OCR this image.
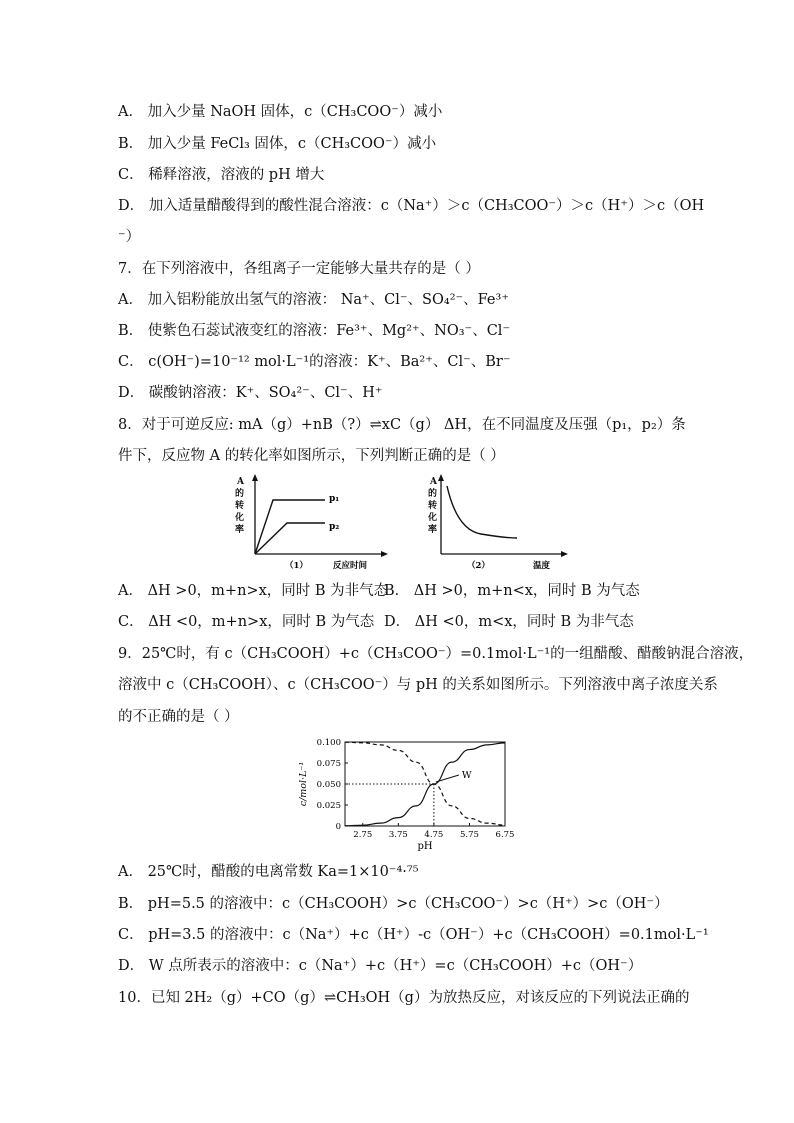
A． 加入少量 NaOH 固体，c（CH₃COO⁻）减小
B． 加入少量 FeCl₃ 固体，c（CH₃COO⁻）减小
C． 稀释溶液，溶液的 pH 增大
D． 加入适量醋酸得到的酸性混合溶液：c（Na⁺）＞c（CH₃COO⁻）＞c（H⁺）＞c（OH
⁻）
7．在下列溶液中，各组离子一定能够大量共存的是（ ）
A． 加入铝粉能放出氢气的溶液： Na⁺、Cl⁻、SO₄²⁻、Fe³⁺
B． 使紫色石蕊试液变红的溶液：Fe³⁺、Mg²⁺、NO₃⁻、Cl⁻
C． c(OH⁻)=10⁻¹² mol·L⁻¹的溶液：K⁺、Ba²⁺、Cl⁻、Br⁻
D． 碳酸钠溶液：K⁺、SO₄²⁻、Cl⁻、H⁺
8．对于可逆反应: mA（g）+nB（?）⇌xC（g） ΔH，在不同温度及压强（p₁，p₂）条
件下，反应物 A 的转化率如图所示，下列判断正确的是（ ）
A
的
转
化
率
p₁
p₂
（1）	反应时间
A
的
转
化
率
（2）	温度
A． ΔH >0，m+n>x，同时 B 为非气态
B． ΔH >0，m+n<x，同时 B 为气态
C． ΔH <0，m+n>x，同时 B 为气态 D． ΔH <0，m<x，同时 B 为非气态
9．25℃时，有 c（CH₃COOH）+c（CH₃COO⁻）=0.1mol·L⁻¹的一组醋酸、醋酸钠混合溶液，
溶液中 c（CH₃COOH）、c（CH₃COO⁻）与 pH 的关系如图所示。下列溶液中离子浓度关系
的不正确的是（ ）
0.100
0.075
0.050
0.025
0
2.75 3.75 4.75 5.75 6.75
pH
c/mol·L⁻¹	W
A． 25℃时，醋酸的电离常数 Ka=1×10⁻⁴·⁷⁵
B． pH=5.5 的溶液中：c（CH₃COOH）>c（CH₃COO⁻）>c（H⁺）>c（OH⁻）
C． pH=3.5 的溶液中：c（Na⁺）+c（H⁺）-c（OH⁻）+c（CH₃COOH）=0.1mol·L⁻¹
D． W 点所表示的溶液中：c（Na⁺）+c（H⁺）=c（CH₃COOH）+c（OH⁻）
10．已知 2H₂（g）+CO（g）⇌CH₃OH（g）为放热反应，对该反应的下列说法正确的
